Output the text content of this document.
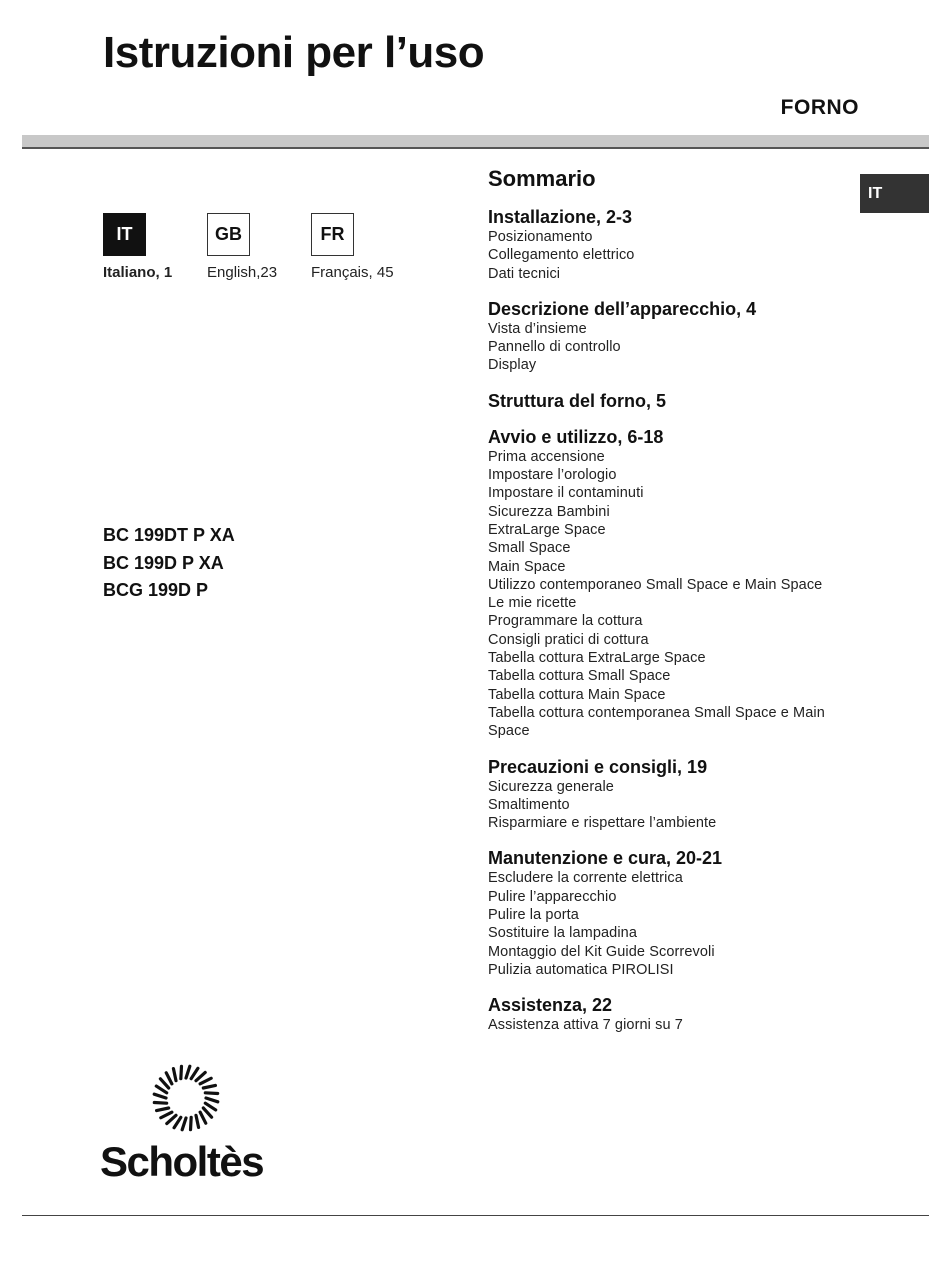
Istruzioni per l’uso
FORNO
IT
IT	GB	FR
Italiano, 1 English,23 Français, 45
BC 199DT P XA
BC 199D P XA
BCG 199D P
Sommario
Installazione, 2-3
Posizionamento
Collegamento elettrico
Dati tecnici
Descrizione dell’apparecchio, 4
Vista d’insieme
Pannello di controllo
Display
Struttura del forno, 5
Avvio e utilizzo, 6-18
Prima accensione
Impostare l’orologio
Impostare il contaminuti
Sicurezza Bambini
ExtraLarge Space
Small Space
Main Space
Utilizzo contemporaneo Small Space e Main Space
Le mie ricette
Programmare la cottura
Consigli pratici di cottura
Tabella cottura ExtraLarge Space
Tabella cottura Small Space
Tabella cottura Main Space
Tabella cottura contemporanea Small Space e Main Space
Precauzioni e consigli, 19
Sicurezza generale
Smaltimento
Risparmiare e rispettare l’ambiente
Manutenzione e cura, 20-21
Escludere la corrente elettrica
Pulire l’apparecchio
Pulire la porta
Sostituire la lampadina
Montaggio del Kit Guide Scorrevoli
Pulizia automatica PIROLISI
Assistenza, 22
Assistenza attiva 7 giorni su 7
Scholtès
